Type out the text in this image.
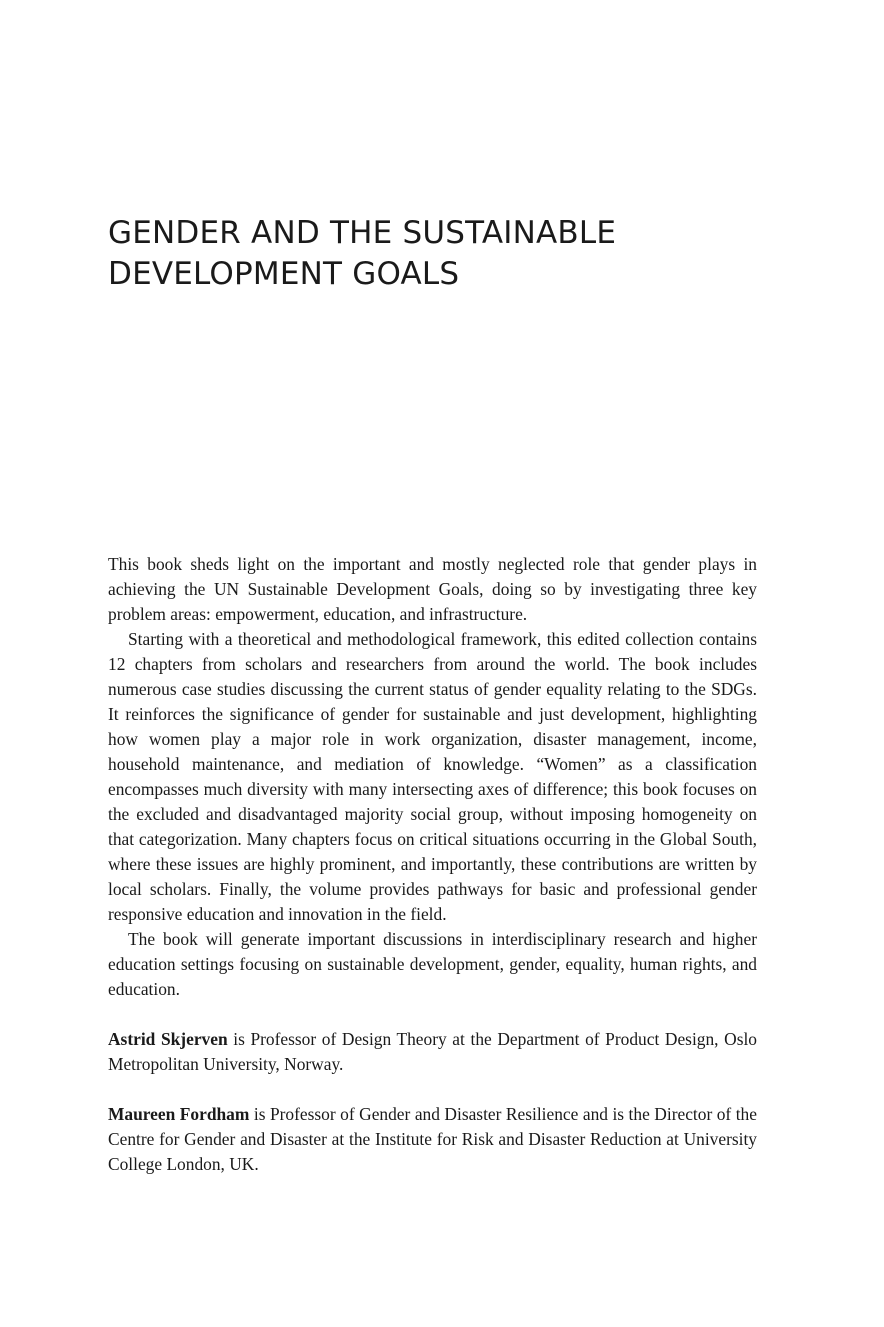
GENDER AND THE SUSTAINABLE
DEVELOPMENT GOALS

This book sheds light on the important and mostly neglected role that gender plays in achieving the UN Sustainable Development Goals, doing so by investigating three key problem areas: empowerment, education, and infrastructure.

Starting with a theoretical and methodological framework, this edited collection contains 12 chapters from scholars and researchers from around the world. The book includes numerous case studies discussing the current status of gender equality relating to the SDGs. It reinforces the significance of gender for sustainable and just development, highlighting how women play a major role in work organization, disaster management, income, household maintenance, and mediation of knowledge. “Women” as a classification encompasses much diversity with many intersecting axes of difference; this book focuses on the excluded and disadvantaged majority social group, without imposing homogeneity on that categorization. Many chapters focus on critical situations occurring in the Global South, where these issues are highly prominent, and importantly, these contributions are written by local scholars. Finally, the volume provides pathways for basic and professional gender responsive education and innovation in the field.

The book will generate important discussions in interdisciplinary research and higher education settings focusing on sustainable development, gender, equality, human rights, and education.

Astrid Skjerven is Professor of Design Theory at the Department of Product Design, Oslo Metropolitan University, Norway.

Maureen Fordham is Professor of Gender and Disaster Resilience and is the Director of the Centre for Gender and Disaster at the Institute for Risk and Disaster Reduction at University College London, UK.
